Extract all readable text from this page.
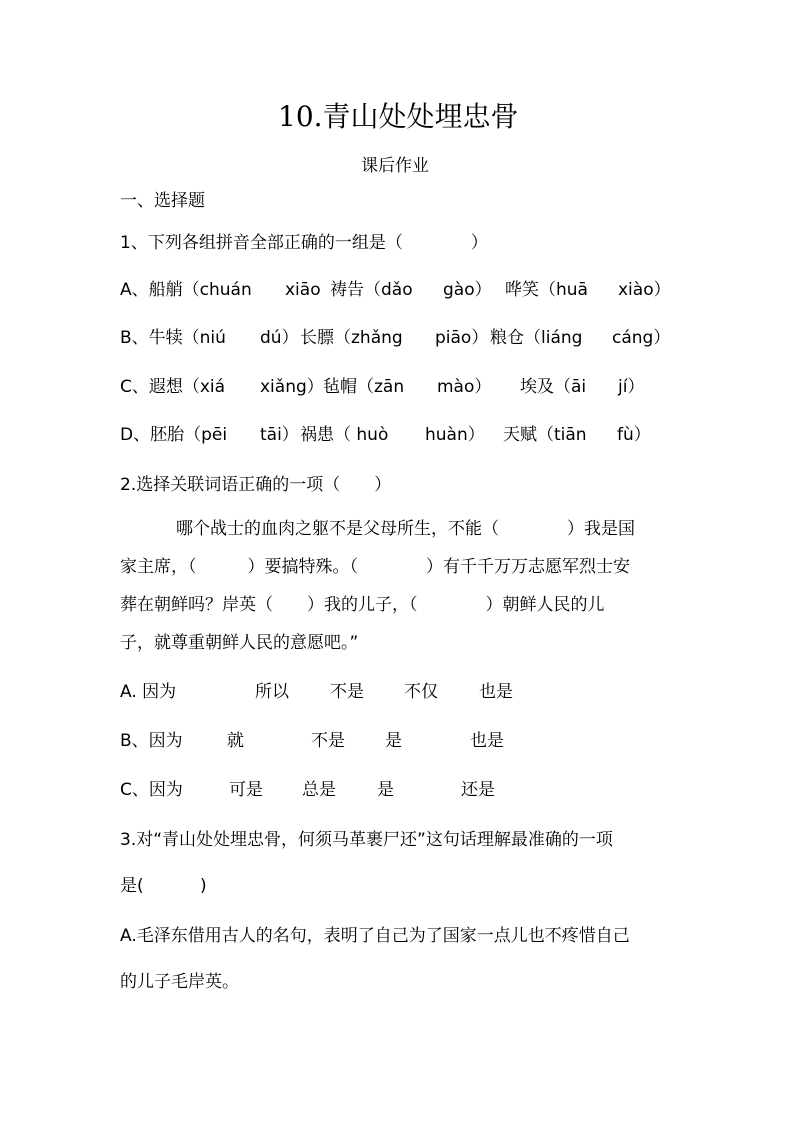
10.青山处处埋忠骨
课后作业
一、选择题
1、下列各组拼音全部正确的一组是（　　　　）
A、船艄（chuán xiāo 祷告（dǎo gào） 哗笑（huā xiào）
B、牛犊（niú dú） 长膘（zhǎng piāo） 粮仓（liáng cáng）
C、遐想（xiá xiǎng） 毡帽（zān mào） 埃及（āi jí）
D、胚胎（pēi tāi） 祸患（ huò huàn） 天赋（tiān fù）
2.选择关联词语正确的一项（　　）
哪个战士的血肉之躯不是父母所生，不能（　　　　）我是国
家主席，（　　　）要搞特殊。（　　　　）有千千万万志愿军烈士安
葬在朝鲜吗？岸英（　　）我的儿子，（　　　　）朝鲜人民的儿
子，就尊重朝鲜人民的意愿吧。”
A. 因为	所以 不是 不仅 也是
B、因为	就	不是 是	也是
C、因为	可是 总是 是	还是
3.对“青山处处埋忠骨，何须马革裹尸还”这句话理解最准确的一项
是(　　　 )
A.毛泽东借用古人的名句，表明了自己为了国家一点儿也不疼惜自己
的儿子毛岸英。
